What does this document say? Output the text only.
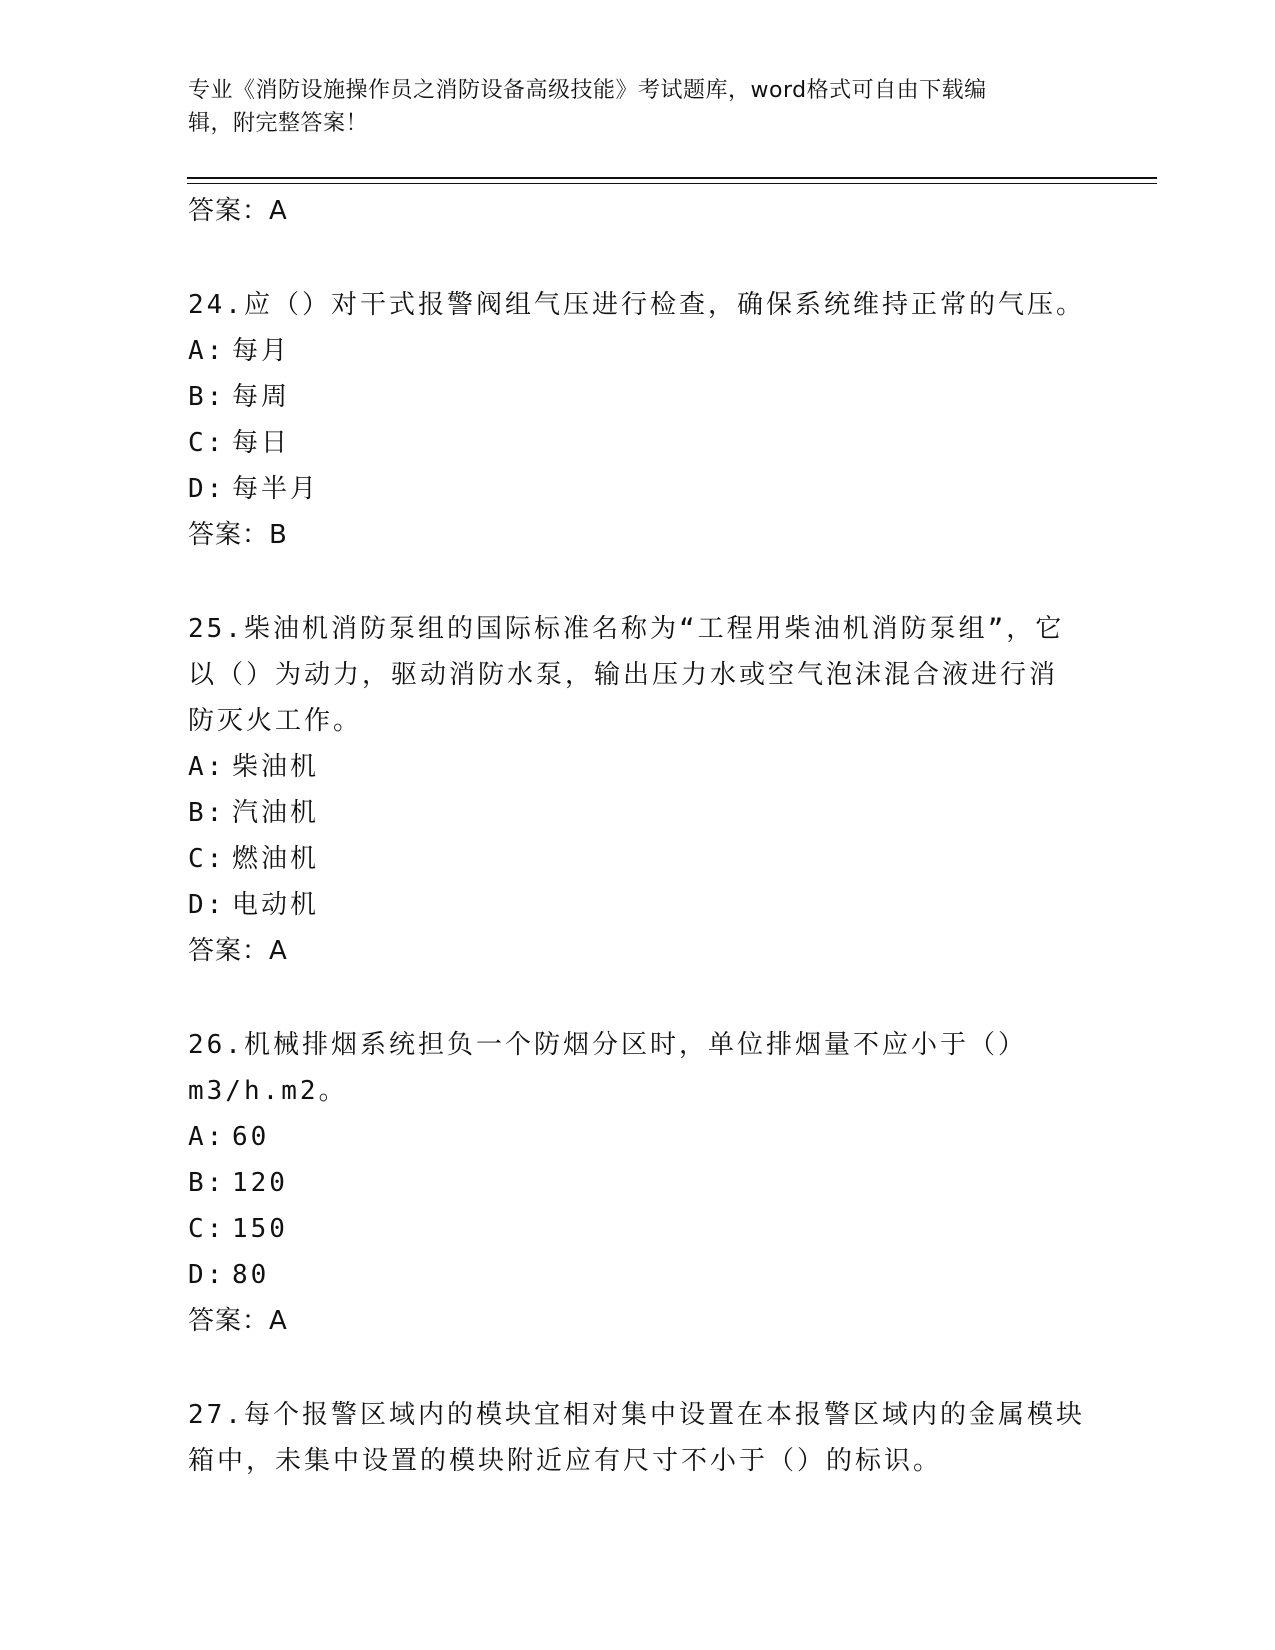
专业《消防设施操作员之消防设备高级技能》考试题库，word格式可自由下载编
辑，附完整答案！
答案：A
24.应（）对干式报警阀组气压进行检查，确保系统维持正常的气压。
A: 每月
B: 每周
C: 每日
D: 每半月
答案：B
25.柴油机消防泵组的国际标准名称为“工程用柴油机消防泵组”，它
以（）为动力，驱动消防水泵，输出压力水或空气泡沫混合液进行消
防灭火工作。
A: 柴油机
B: 汽油机
C: 燃油机
D: 电动机
答案：A
26.机械排烟系统担负一个防烟分区时，单位排烟量不应小于（）
m3/h.m2。
A: 60
B: 120
C: 150
D: 80
答案：A
27.每个报警区域内的模块宜相对集中设置在本报警区域内的金属模块
箱中，未集中设置的模块附近应有尺寸不小于（）的标识。
